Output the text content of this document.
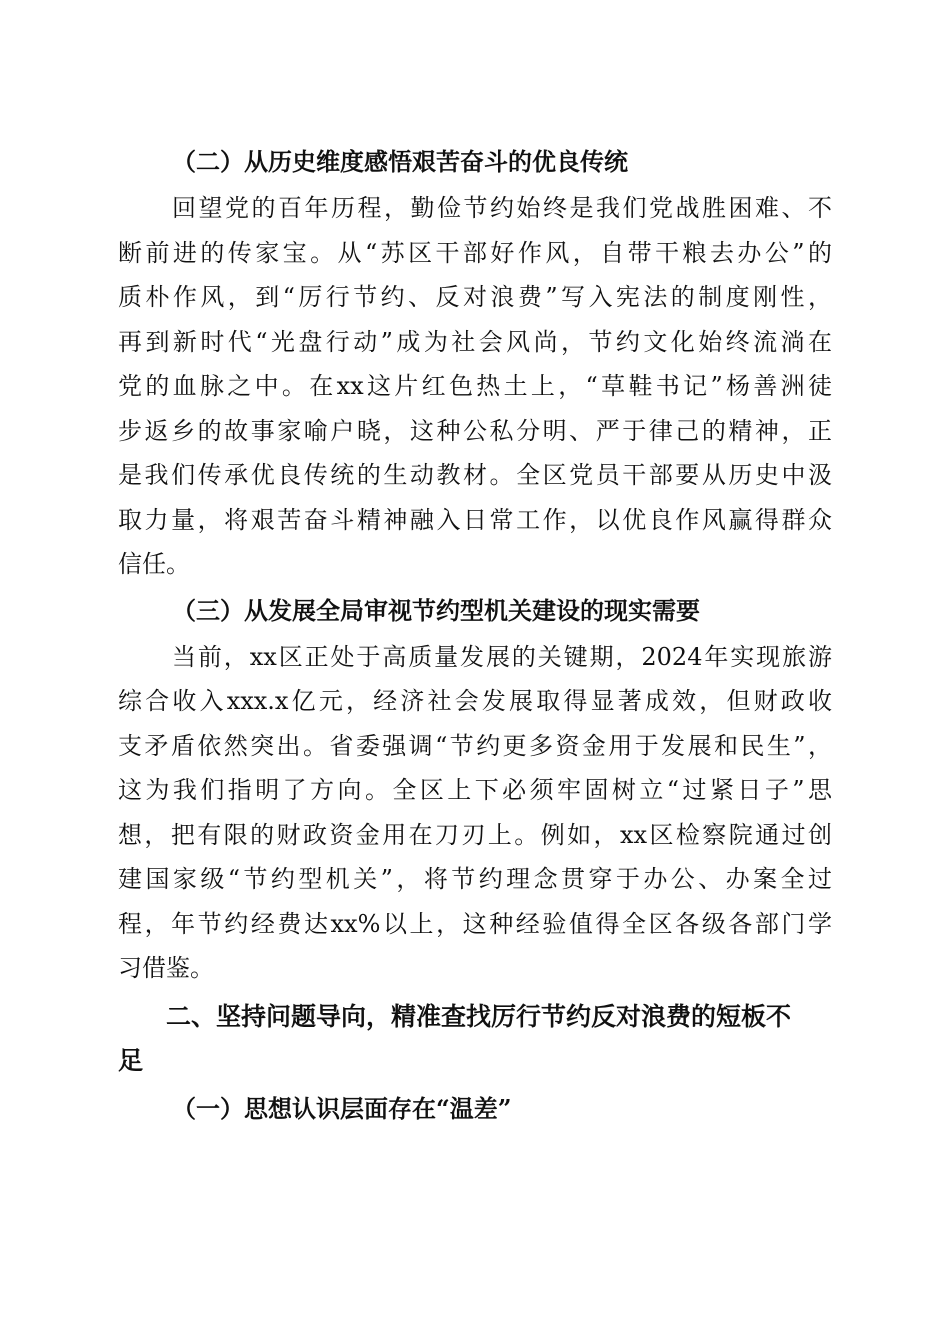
（二）从历史维度感悟艰苦奋斗的优良传统

回望党的百年历程，勤俭节约始终是我们党战胜困难、不

断前进的传家宝。从“苏区干部好作风，自带干粮去办公”的

质朴作风，到“厉行节约、反对浪费”写入宪法的制度刚性，

再到新时代“光盘行动”成为社会风尚，节约文化始终流淌在

党的血脉之中。在xx这片红色热土上，“草鞋书记”杨善洲徒

步返乡的故事家喻户晓，这种公私分明、严于律己的精神，正

是我们传承优良传统的生动教材。全区党员干部要从历史中汲

取力量，将艰苦奋斗精神融入日常工作，以优良作风赢得群众

信任。

（三）从发展全局审视节约型机关建设的现实需要

当前，xx区正处于高质量发展的关键期，2024年实现旅游

综合收入xxx.x亿元，经济社会发展取得显著成效，但财政收

支矛盾依然突出。省委强调“节约更多资金用于发展和民生”，

这为我们指明了方向。全区上下必须牢固树立“过紧日子”思

想，把有限的财政资金用在刀刃上。例如，xx区检察院通过创

建国家级“节约型机关”，将节约理念贯穿于办公、办案全过

程，年节约经费达xx%以上，这种经验值得全区各级各部门学

习借鉴。

二、坚持问题导向，精准查找厉行节约反对浪费的短板不
足

（一）思想认识层面存在“温差”
